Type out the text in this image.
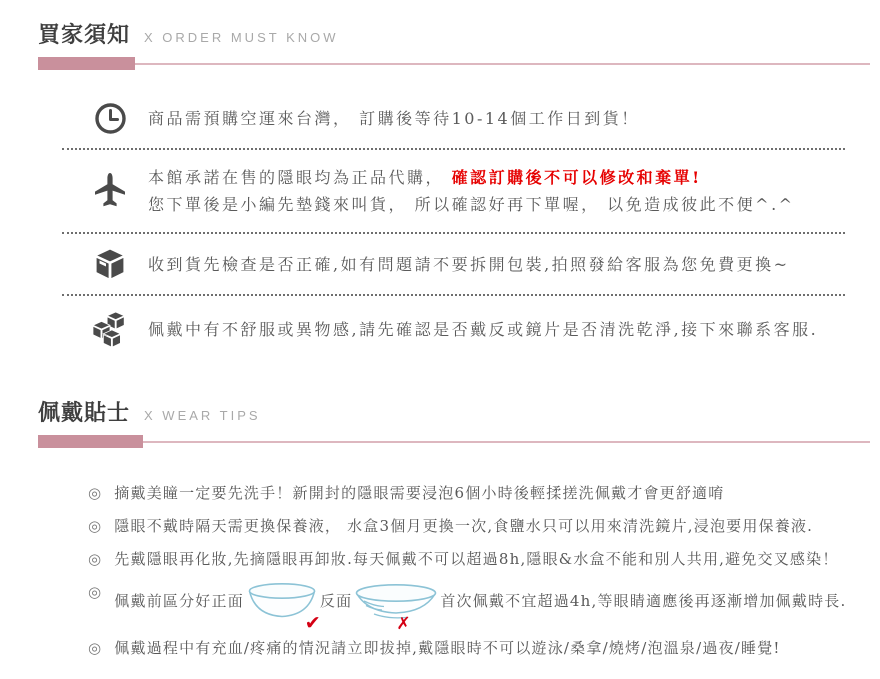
買家須知 X ORDER MUST KNOW

商品需預購空運來台灣， 訂購後等待10-14個工作日到貨！

本館承諾在售的隱眼均為正品代購， 確認訂購後不可以修改和棄單!

您下單後是小編先墊錢來叫貨， 所以確認好再下單喔， 以免造成彼此不便^.^

收到貨先檢查是否正確,如有問題請不要拆開包裝,拍照發給客服為您免費更換~

佩戴中有不舒服或異物感,請先確認是否戴反或鏡片是否清洗乾淨,接下來聯系客服.

佩戴貼士 X WEAR TIPS
◎ 摘戴美瞳一定要先洗手！新開封的隱眼需要浸泡6個小時後輕揉搓洗佩戴才會更舒適唷
◎ 隱眼不戴時隔天需更換保養液， 水盒3個月更換一次,食鹽水只可以用來清洗鏡片,浸泡要用保養液.
◎ 先戴隱眼再化妝,先摘隱眼再卸妝.每天佩戴不可以超過8h,隱眼&水盒不能和別人共用,避免交叉感染！
◎ 佩戴前區分好正面
✔
反面
✗
首次佩戴不宜超過4h,等眼睛適應後再逐漸增加佩戴時長.
◎ 佩戴過程中有充血/疼痛的情況請立即拔掉,戴隱眼時不可以遊泳/桑拿/燒烤/泡溫泉/過夜/睡覺!
